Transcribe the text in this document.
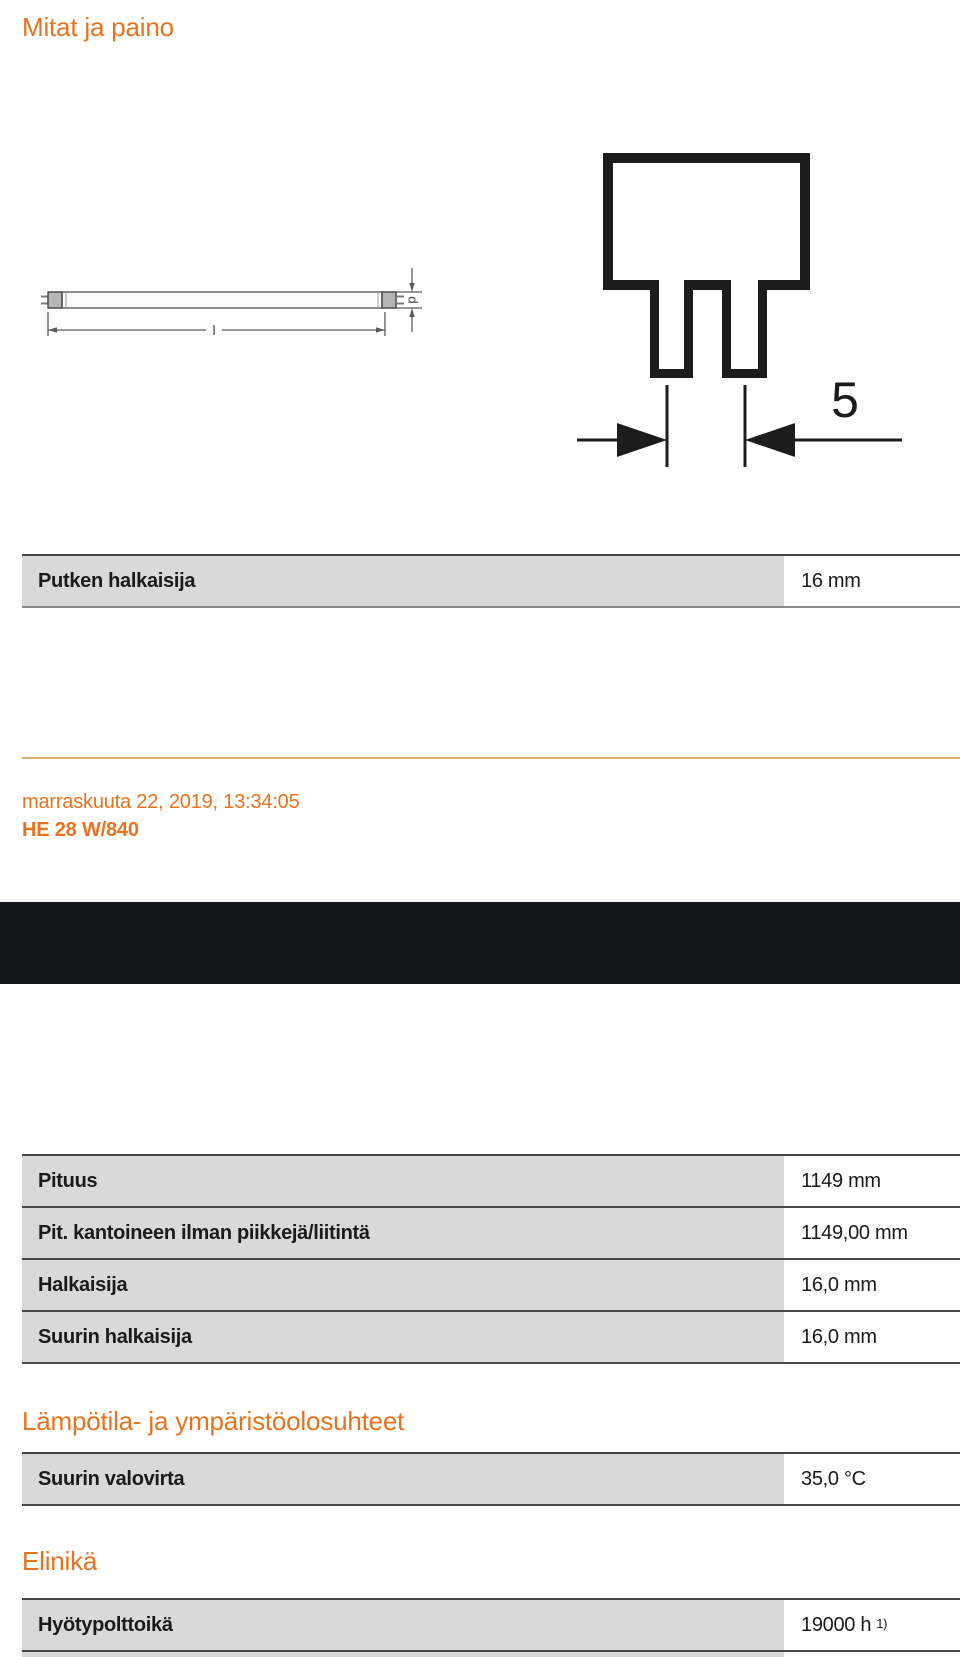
Mitat ja paino
d
l
5
Putken halkaisija	16 mm
marraskuuta 22, 2019, 13:34:05
HE 28 W/840
Pituus	1149 mm
Pit. kantoineen ilman piikkejä/liitintä	1149,00 mm
Halkaisija	16,0 mm
Suurin halkaisija	16,0 mm
Lämpötila- ja ympäristöolosuhteet
Suurin valovirta	35,0 °C
Elinikä
Hyötypolttoikä	19000 h 1)
